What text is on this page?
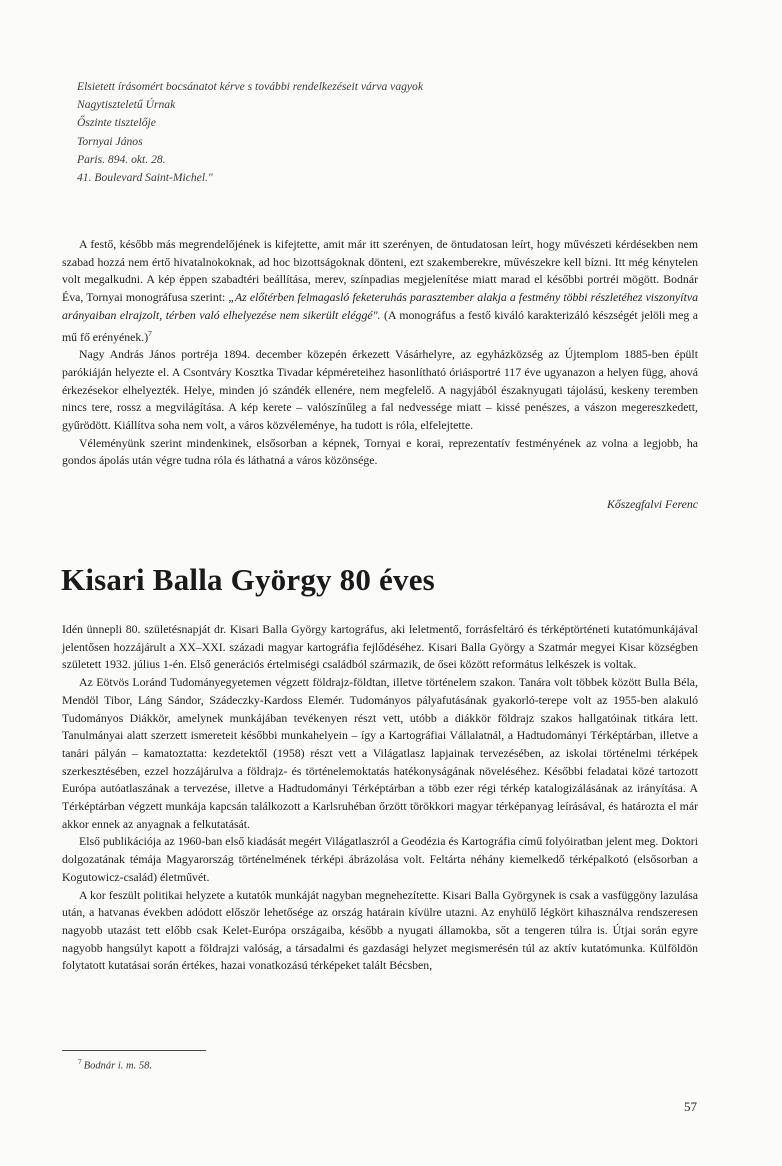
Elsietett írásomért bocsánatot kérve s további rendelkezéseit várva vagyok
Nagytiszteletű Úrnak
Őszinte tisztelője
Tornyai János
Paris. 894. okt. 28.
41. Boulevard Saint-Michel."

A festő, később más megrendelőjének is kifejtette, amit már itt szerényen, de öntudatosan leírt, hogy művészeti kérdésekben nem szabad hozzá nem értő hivatalnokoknak, ad hoc bizottságoknak dönteni, ezt szakemberekre, művészekre kell bízni. Itt még kénytelen volt megalkudni. A kép éppen szabadtéri beállítása, merev, színpadias megjelenítése miatt marad el későbbi portréi mögött. Bodnár Éva, Tornyai monográfusa szerint: „Az előtérben felmagasló feketeruhás parasztember alakja a festmény többi részletéhez viszonyítva arányaiban elrajzolt, térben való elhelyezése nem sikerült eléggé". (A monográfus a festő kiváló karakterizáló készségét jelöli meg a mű fő erényének.)$^7$

Nagy András János portréja 1894. december közepén érkezett Vásárhelyre, az egyházközség az Újtemplom 1885-ben épült parókiáján helyezte el. A Csontváry Kosztka Tivadar képméreteihez hasonlítható óriásportré 117 éve ugyanazon a helyen függ, ahová érkezésekor elhelyezték. Helye, minden jó szándék ellenére, nem megfelelő. A nagyjából északnyugati tájolású, keskeny teremben nincs tere, rossz a megvilágítása. A kép kerete – valószínűleg a fal nedvessége miatt – kissé penészes, a vászon megereszkedett, gyűrödött. Kiállítva soha nem volt, a város közvéleménye, ha tudott is róla, elfelejtette.

Véleményünk szerint mindenkinek, elsősorban a képnek, Tornyai e korai, reprezentatív festményének az volna a legjobb, ha gondos ápolás után végre tudna róla és láthatná a város közönsége.

Kőszegfalvi Ferenc
Kisari Balla György 80 éves

Idén ünnepli 80. születésnapját dr. Kisari Balla György kartográfus, aki leletmentő, forrásfeltáró és térképtörténeti kutatómunkájával jelentősen hozzájárult a XX–XXI. századi magyar kartográfia fejlődéséhez. Kisari Balla György a Szatmár megyei Kisar községben született 1932. július 1-én. Első generációs értelmiségi családból származik, de ősei között református lelkészek is voltak.

Az Eötvös Loránd Tudományegyetemen végzett földrajz-földtan, illetve történelem szakon. Tanára volt többek között Bulla Béla, Mendöl Tibor, Láng Sándor, Szádeczky-Kardoss Elemér. Tudományos pályafutásának gyakorló-terepe volt az 1955-ben alakuló Tudományos Diákkör, amelynek munkájában tevékenyen részt vett, utóbb a diákkör földrajz szakos hallgatóinak titkára lett. Tanulmányai alatt szerzett ismereteit későbbi munkahelyein – így a Kartográfiai Vállalatnál, a Hadtudományi Térképtárban, illetve a tanári pályán – kamatoztatta: kezdetektől (1958) részt vett a Világatlasz lapjainak tervezésében, az iskolai történelmi térképek szerkesztésében, ezzel hozzájárulva a földrajz- és történelemoktatás hatékonyságának növeléséhez. Későbbi feladatai közé tartozott Európa autóatlaszának a tervezése, illetve a Hadtudományi Térképtárban a több ezer régi térkép katalogizálásának az irányítása. A Térképtárban végzett munkája kapcsán találkozott a Karlsruhéban őrzött törökkori magyar térképanyag leírásával, és határozta el már akkor ennek az anyagnak a felkutatását.

Első publikációja az 1960-ban első kiadását megért Világatlaszról a Geodézia és Kartográfia című folyóiratban jelent meg. Doktori dolgozatának témája Magyarország történelmének térképi ábrázolása volt. Feltárta néhány kiemelkedő térképalkotó (elsősorban a Kogutowicz-család) életművét.

A kor feszült politikai helyzete a kutatók munkáját nagyban megnehezítette. Kisari Balla Györgynek is csak a vasfüggöny lazulása után, a hatvanas években adódott először lehetősége az ország határain kívülre utazni. Az enyhülő légkört kihasználva rendszeresen nagyobb utazást tett előbb csak Kelet-Európa országaiba, később a nyugati államokba, sőt a tengeren túlra is. Útjai során egyre nagyobb hangsúlyt kapott a földrajzi valóság, a társadalmi és gazdasági helyzet megismerésén túl az aktív kutatómunka. Külföldön folytatott kutatásai során értékes, hazai vonatkozású térképeket talált Bécsben,

$^7$ Bodnár i. m. 58.
57
